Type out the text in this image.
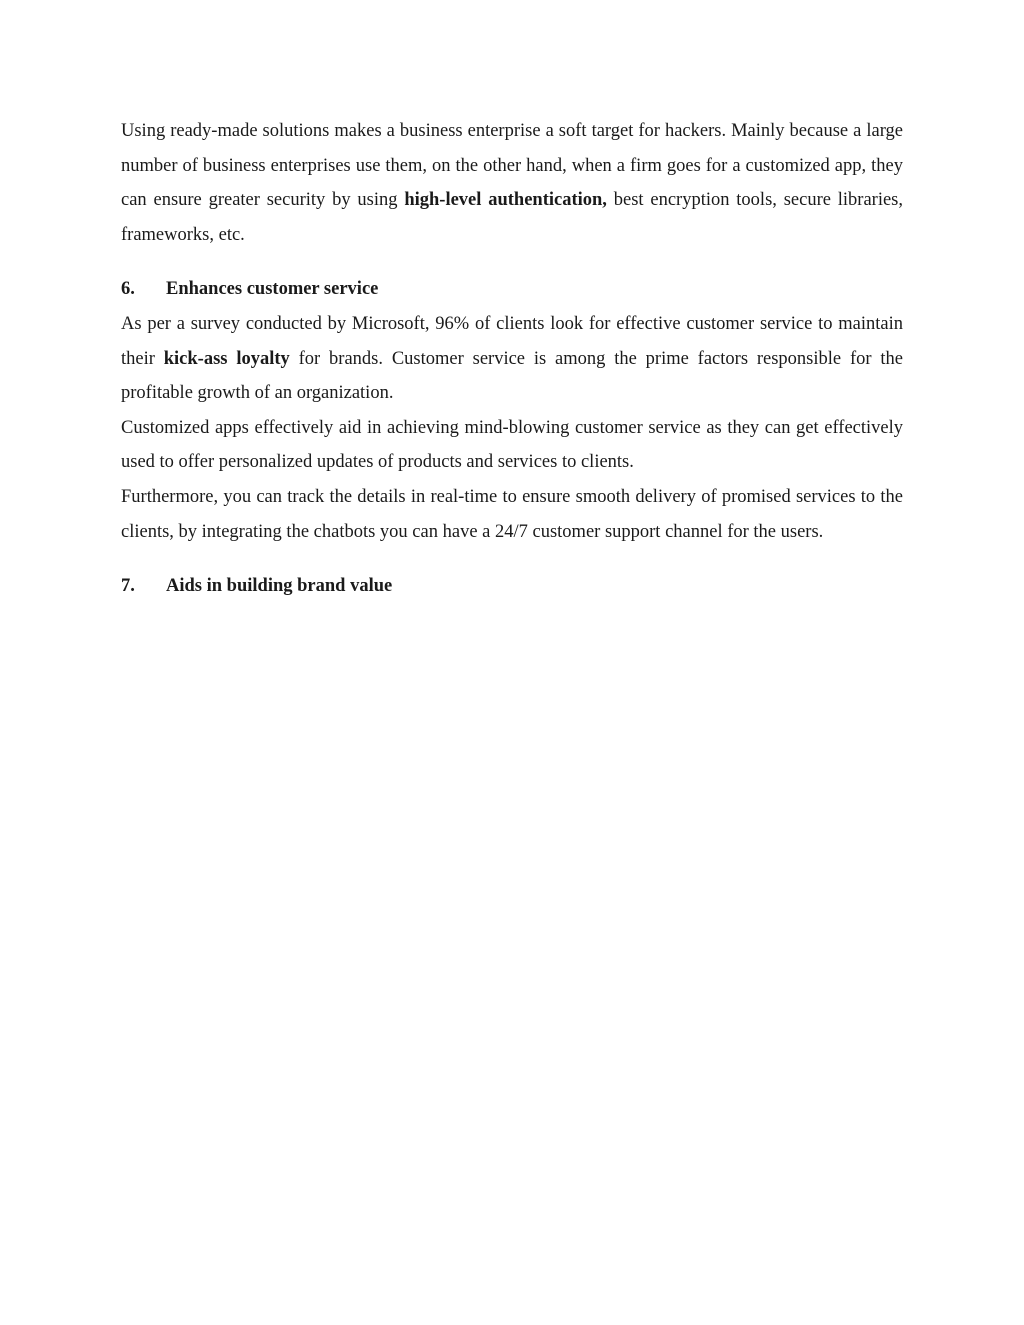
Using ready-made solutions makes a business enterprise a soft target for hackers. Mainly because a large number of business enterprises use them, on the other hand, when a firm goes for a customized app, they can ensure greater security by using high-level authentication, best encryption tools, secure libraries, frameworks, etc.

6.	Enhances customer service

As per a survey conducted by Microsoft, 96% of clients look for effective customer service to maintain their kick-ass loyalty for brands. Customer service is among the prime factors responsible for the profitable growth of an organization.

Customized apps effectively aid in achieving mind-blowing customer service as they can get effectively used to offer personalized updates of products and services to clients.

Furthermore, you can track the details in real-time to ensure smooth delivery of promised services to the clients, by integrating the chatbots you can have a 24/7 customer support channel for the users.

7.	Aids in building brand value
